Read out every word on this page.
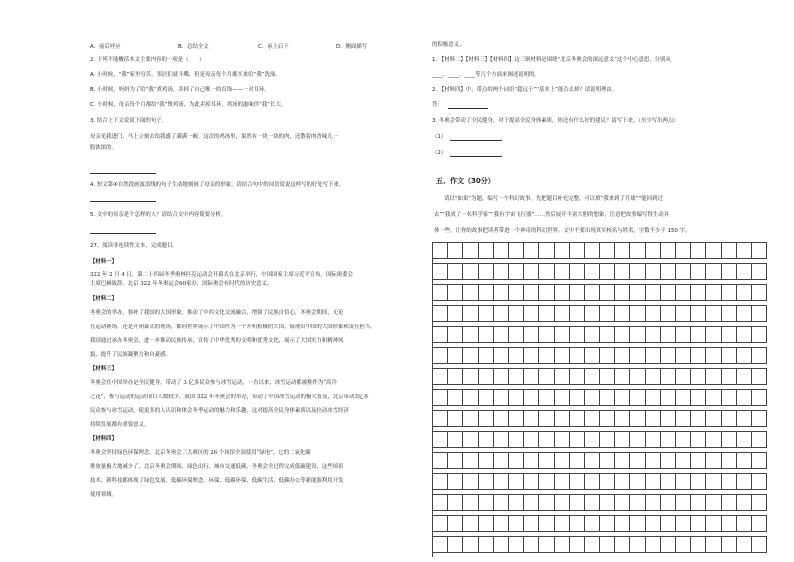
A．前后呼应	B．总结全文	C．承上启下	D．侧面描写
2. 下列不能概括本文主要内容的一项是（　　）
A. 小时候，“我”家里穷苦，邻居们就斗嘴，但是母亲每个月都买来给“我”洗澡。
B. 小时候，妈妈为了给“我”煮鸡汤，卖掉了自己唯一的首饰——一对耳环。
C. 小时候，母亲每个月都给“我”煲鸡汤，为此卖掉耳环，鸡汤的滋味伴“我”长大。
3. 结合上下文说说下面的句子。
母亲见我进门，马上立刻去给我盛了满满一碗。这次的鸡汤里，果然有一块一块的肉，还散着肉香味儿一
股浓浓的。
4. 短文第④自然段画波浪线的句子生动地刻画了母亲的形象，请结合句中的词语说说这样写的好处写下来。
5. 文中的母亲是个怎样的人？请结合文中内容简要分析。
27、阅读非连续性文本，完成题目。
【材料一】
322 年 2 月 4 日，第二十四届冬季奥林匹克运动会开幕式在北京举行，中国国家主席习近平宣布，国际奥委会
主席巴赫致辞。北京 322 年冬奥运会60家办，国际奥会有时代的历史意义。
【材料二】
冬奥会的举办，弥补了我国的大国形象，推动了中西文化交流融合，增强了民族自信心，冬奥会期间，无论
在运动赛场，还是开闭幕式的现场，都向世界展示了中国作为一个开明积极的大国，展现出中国的大国形象和责任担当。
我国通过承办冬奥会，进一步推动民族传承，宣传了中华优秀的文明和优秀文化，展示了大国实力和精神风
貌，提升了民族凝聚力和自豪感。
【材料三】
冬奥会在中国举办是全民健身，带动了 3 亿多民众参与冰雪运动，一直以来，冰雪运动都被称作为“高冷
之花”，参与运动的运动项目人数较少。我国 322 年冬奥会的举办，带动了中国冰雪运动的极大普及，北京带动3亿多
民众参与冰雪运动，使更多的人认识和体会冬季运动的魅力和乐趣，这对提高全民身体素质以及拉动冰雪经济
持续发展都有重要意义。
【材料四】
冬奥会坚持绿色环保理念，北京冬奥会三大赛区的 26 个场馆全部使用“绿电”，它的二氧化碳
排放量极大地减少了，北京冬奥会期间，绿色出行，城市交通低碳，冬奥会全过程完成低碳建设，这些场馆
技术、新科技都体现了绿色发展、低碳环保理念，环保、低碳环保、低碳生活、低碳办公等新能源利用开发
使用领域。
的积极意义。
1. 【材料二】【材料三】【材料四】这三则材料是围绕“北京冬奥会的深远意义”这个中心意思，分别从
____、____、____等几个方面来阐述说明的。
2. 【材料四】中，带点的两个词语“超远于”“基本上”能否去掉？请说明理由。
答：
3. 冬奥会带动了全民健身，对于提高全民身体素质，你还有什么好的建议？请写下来。（至少写出两点）
（1）
（2）
五、作文（30分）
请以“如果”为题，编写一个科幻故事。先把题目补充完整，可以填“我来到了月球”“能回到过
去”“我成了一名科学家”“我有宇宙飞行器”……然后展开丰富大胆的想象，注意把故事编写得生动具
体一些，让你的故事把读者带进一个神奇的科幻世界。文中不要出现真实校名与姓名，字数不少于 150 字。
